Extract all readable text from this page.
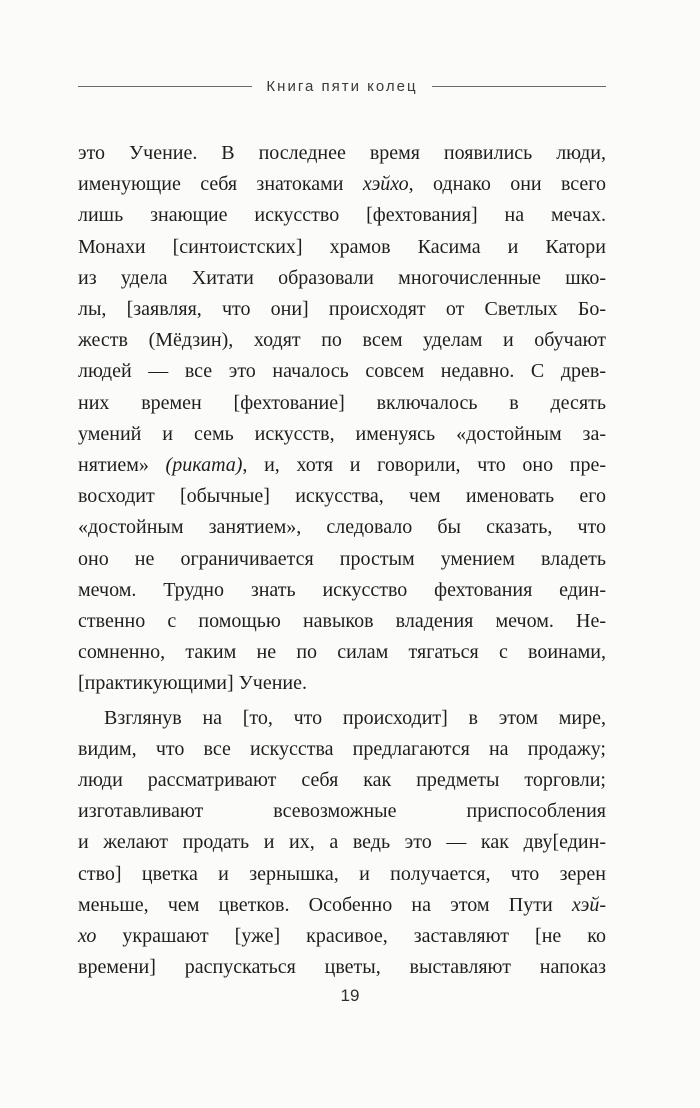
Книга пяти колец
это Учение. В последнее время появились люди,
именующие себя знатоками хэйхо, однако они всего
лишь знающие искусство [фехтования] на мечах.
Монахи [синтоистских] храмов Касима и Катори
из удела Хитати образовали многочисленные шко-
лы, [заявляя, что они] происходят от Светлых Бо-
жеств (Мёдзин), ходят по всем уделам и обучают
людей — все это началось совсем недавно. С древ-
них времен [фехтование] включалось в десять
умений и семь искусств, именуясь «достойным за-
нятием» (риката), и, хотя и говорили, что оно пре-
восходит [обычные] искусства, чем именовать его
«достойным занятием», следовало бы сказать, что
оно не ограничивается простым умением владеть
мечом. Трудно знать искусство фехтования един-
ственно с помощью навыков владения мечом. Не-
сомненно, таким не по силам тягаться с воинами,
[практикующими] Учение.
Взглянув на [то, что происходит] в этом мире,
видим, что все искусства предлагаются на продажу;
люди рассматривают себя как предметы торговли;
изготавливают всевозможные приспособления
и желают продать и их, а ведь это — как дву[един-
ство] цветка и зернышка, и получается, что зерен
меньше, чем цветков. Особенно на этом Пути хэй-
хо украшают [уже] красивое, заставляют [не ко
времени] распускаться цветы, выставляют напоказ
19
